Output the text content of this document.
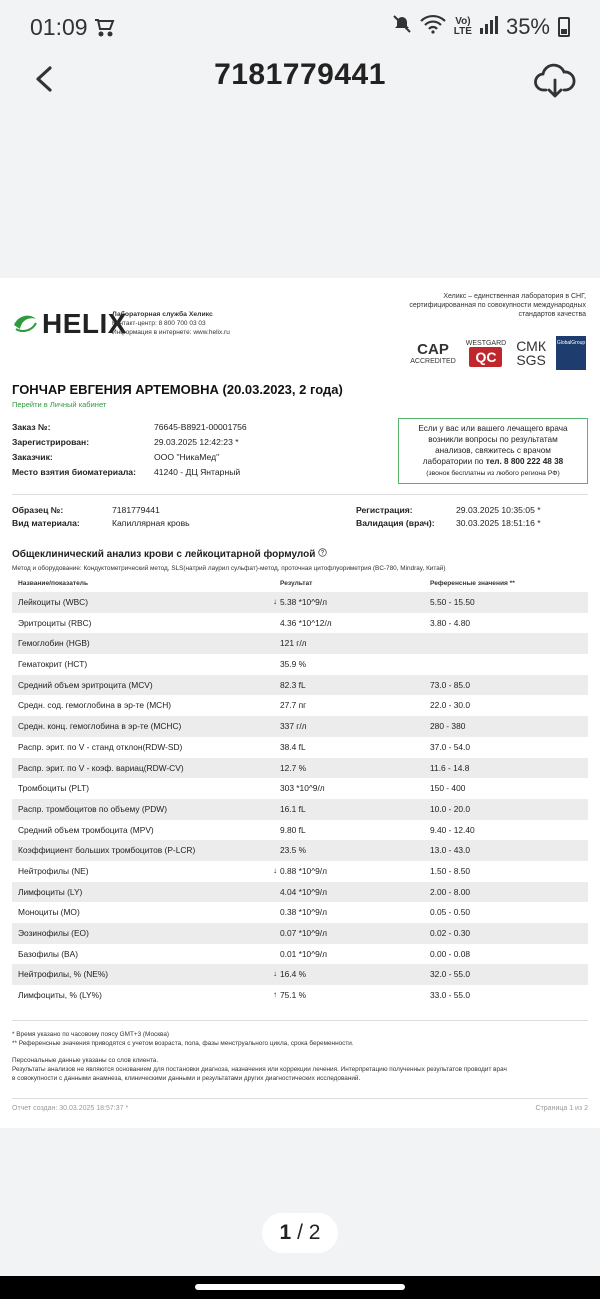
01:09	Vo)
LTE 35%
7181779441
HELIX
Лабораторная служба Хеликс
Контакт-центр: 8 800 700 03 03
Информация в интернете: www.helix.ru
Хеликс – единственная лаборатория в СНГ,
сертифицированная по совокупности международных
стандартов качества
CAP
ACCREDITED
WESTGARD
QC
СМК
SGS
GlobalGroup
ГОНЧАР ЕВГЕНИЯ АРТЕМОВНА (20.03.2023, 2 года)
Перейти в Личный кабинет
Заказ №:	76645-B8921-00001756
Зарегистрирован:	29.03.2025 12:42:23 *
Заказчик:	ООО "НикаМед"
Место взятия биоматериала: 41240 - ДЦ Янтарный
Если у вас или вашего лечащего врача
возникли вопросы по результатам
анализов, свяжитесь с врачом
лаборатории по тел. 8 800 222 48 38
(звонок бесплатны из любого региона РФ)
Образец №:	7181779441
Вид материала:	Капиллярная кровь
Регистрация:	29.03.2025 10:35:05 *
Валидация (врач): 30.03.2025 18:51:16 *
Общеклинический анализ крови с лейкоцитарной формулой ?
Метод и оборудование: Кондуктометрический метод, SLS(натрий лаурил сульфат)-метод, проточная цитофлуориметрия (BC-780, Mindray, Китай)
Название/показатель	Результат	Референсные значения **
Лейкоциты (WBC)	↓ 5.38 *10^9/л	5.50 - 15.50
Эритроциты (RBC)	4.36 *10^12/л	3.80 - 4.80
Гемоглобин (HGB)	121 г/л
Гематокрит (HCT)	35.9 %
Средний объем эритроцита (MCV)	82.3 fL	73.0 - 85.0
Средн. сод. гемоглобина в эр-те (MCH)	27.7 пг	22.0 - 30.0
Средн. конц. гемоглобина в эр-те (MCHC)	337 г/л	280 - 380
Распр. эрит. по V - станд отклон(RDW-SD)	38.4 fL	37.0 - 54.0
Распр. эрит. по V - коэф. вариац(RDW-CV)	12.7 %	11.6 - 14.8
Тромбоциты (PLT)	303 *10^9/л	150 - 400
Распр. тромбоцитов по объему (PDW)	16.1 fL	10.0 - 20.0
Средний объем тромбоцита (MPV)	9.80 fL	9.40 - 12.40
Коэффициент больших тромбоцитов (P-LCR)	23.5 %	13.0 - 43.0
Нейтрофилы (NE)	↓ 0.88 *10^9/л	1.50 - 8.50
Лимфоциты (LY)	4.04 *10^9/л	2.00 - 8.00
Моноциты (MO)	0.38 *10^9/л	0.05 - 0.50
Эозинофилы (EO)	0.07 *10^9/л	0.02 - 0.30
Базофилы (BA)	0.01 *10^9/л	0.00 - 0.08
Нейтрофилы, % (NE%)	↓ 16.4 %	32.0 - 55.0
Лимфоциты, % (LY%)	↑ 75.1 %	33.0 - 55.0
* Время указано по часовому поясу GMT+3 (Москва)
** Референсные значения приводятся с учетом возраста, пола, фазы менструального цикла, срока беременности.
Персональные данные указаны со слов клиента.
Результаты анализов не являются основанием для постановки диагноза, назначения или коррекции лечения. Интерпретацию полученных результатов проводит врач
в совокупности с данными анамнеза, клиническими данными и результатами других диагностических исследований.
Отчет создан: 30.03.2025 18:57:37 *	Страница 1 из 2
1 / 2
